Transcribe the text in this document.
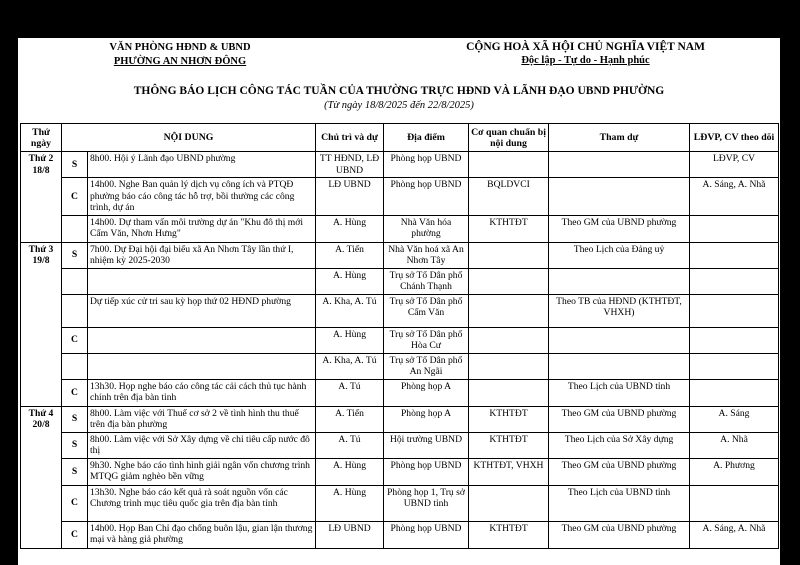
VĂN PHÒNG HĐND & UBND
PHƯỜNG AN NHƠN ĐÔNG
CỘNG HOÀ XÃ HỘI CHỦ NGHĨA VIỆT NAM
Độc lập - Tự do - Hạnh phúc
THÔNG BÁO LỊCH CÔNG TÁC TUẦN CỦA THƯỜNG TRỰC HĐND VÀ LÃNH ĐẠO UBND PHƯỜNG
(Từ ngày 18/8/2025 đến 22/8/2025)
Thứ ngày	NỘI DUNG		Chủ trì và dự	Địa điểm	Cơ quan chuẩn bị nội dung	Tham dự	LĐVP, CV theo dõi

Thứ 2
18/8	S	8h00. Hội ý Lãnh đạo UBND phường	TT HĐND, LĐ UBND	Phòng họp UBND			LĐVP, CV
	C	14h00. Nghe Ban quản lý dịch vụ công ích và PTQĐ phường báo cáo công tác hỗ trợ, bồi thường các công trình, dự án	LĐ UBND	Phòng họp UBND	BQLDVCI		A. Sáng, A. Nhã
		14h00. Dự tham vấn môi trường dự án "Khu đô thị mới Cẩm Văn, Nhơn Hưng"	A. Hùng	Nhà Văn hóa phường	KTHTĐT	Theo GM của UBND phường	

Thứ 3
19/8	S	7h00. Dự Đại hội đại biểu xã An Nhơn Tây lần thứ I, nhiệm kỳ 2025-2030	A. Tiến	Nhà Văn hoá xã An Nhơn Tây		Theo Lịch của Đảng uỷ	
			A. Hùng	Trụ sở Tổ Dân phố Chánh Thạnh			
		Dự tiếp xúc cử tri sau kỳ họp thứ 02 HĐND phường	A. Kha, A. Tú	Trụ sở Tổ Dân phố Cẩm Văn		Theo TB của HĐND (KTHTĐT, VHXH)	
	C		A. Hùng	Trụ sở Tổ Dân phố Hòa Cư			
			A. Kha, A. Tú	Trụ sở Tổ Dân phố An Ngãi			
	C	13h30. Họp nghe báo cáo công tác cải cách thủ tục hành chính trên địa bàn tỉnh	A. Tú	Phòng họp A		Theo Lịch của UBND tỉnh	

Thứ 4
20/8	S	8h00. Làm việc với Thuế cơ sở 2 về tình hình thu thuế trên địa bàn phường	A. Tiến	Phòng họp A	KTHTĐT	Theo GM của UBND phường	A. Sáng
	S	8h00. Làm việc với Sở Xây dựng về chỉ tiêu cấp nước đô thị	A. Tú	Hội trường UBND	KTHTĐT	Theo Lịch của Sở Xây dựng	A. Nhã
	S	9h30. Nghe báo cáo tình hình giải ngân vốn chương trình MTQG giảm nghèo bền vững	A. Hùng	Phòng họp UBND	KTHTĐT, VHXH	Theo GM của UBND phường	A. Phương
	C	13h30. Nghe báo cáo kết quả rà soát nguồn vốn các Chương trình mục tiêu quốc gia trên địa bàn tỉnh	A. Hùng	Phòng họp 1, Trụ sở UBND tỉnh		Theo Lịch của UBND tỉnh	
	C	14h00. Họp Ban Chỉ đạo chống buôn lậu, gian lận thương mại và hàng giả phường	LĐ UBND	Phòng họp UBND	KTHTĐT	Theo GM của UBND phường	A. Sáng, A. Nhã
